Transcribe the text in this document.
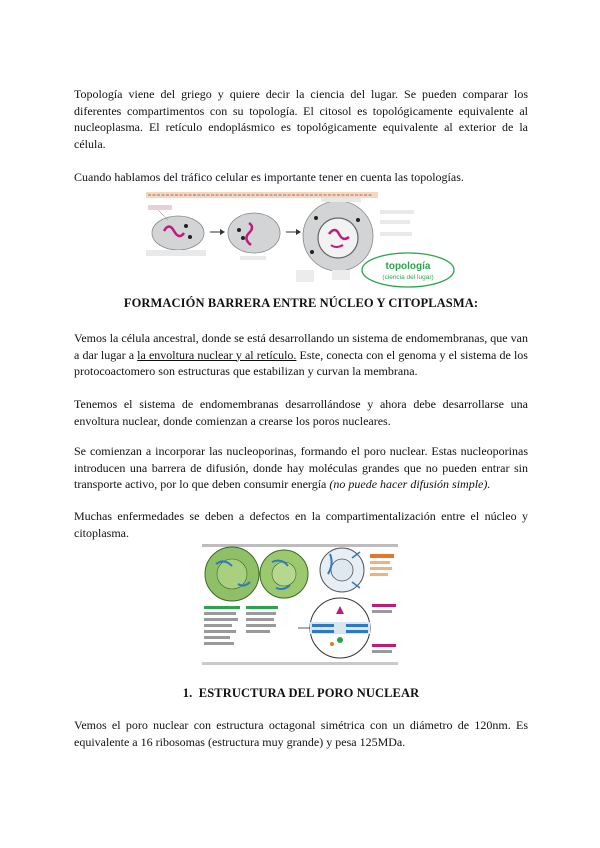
Topología viene del griego y quiere decir la ciencia del lugar. Se pueden comparar los diferentes compartimentos con su topología. El citosol es topológicamente equivalente al nucleoplasma. El retículo endoplásmico es topológicamente equivalente al exterior de la célula.

Cuando hablamos del tráfico celular es importante tener en cuenta las topologías.

topología
(ciencia del lugar)
FORMACIÓN BARRERA ENTRE NÚCLEO Y CITOPLASMA:

Vemos la célula ancestral, donde se está desarrollando un sistema de endomembranas, que van a dar lugar a la envoltura nuclear y al retículo. Este, conecta con el genoma y el sistema de los protocoactomero son estructuras que estabilizan y curvan la membrana.

Tenemos el sistema de endomembranas desarrollándose y ahora debe desarrollarse una envoltura nuclear, donde comienzan a crearse los poros nucleares.

Se comienzan a incorporar las nucleoporinas, formando el poro nuclear. Estas nucleoporinas introducen una barrera de difusión, donde hay moléculas grandes que no pueden entrar sin transporte activo, por lo que deben consumir energía (no puede hacer difusión simple).

Muchas enfermedades se deben a defectos en la compartimentalización entre el núcleo y citoplasma.

1. ESTRUCTURA DEL PORO NUCLEAR

Vemos el poro nuclear con estructura octagonal simétrica con un diámetro de 120nm. Es equivalente a 16 ribosomas (estructura muy grande) y pesa 125MDa.
